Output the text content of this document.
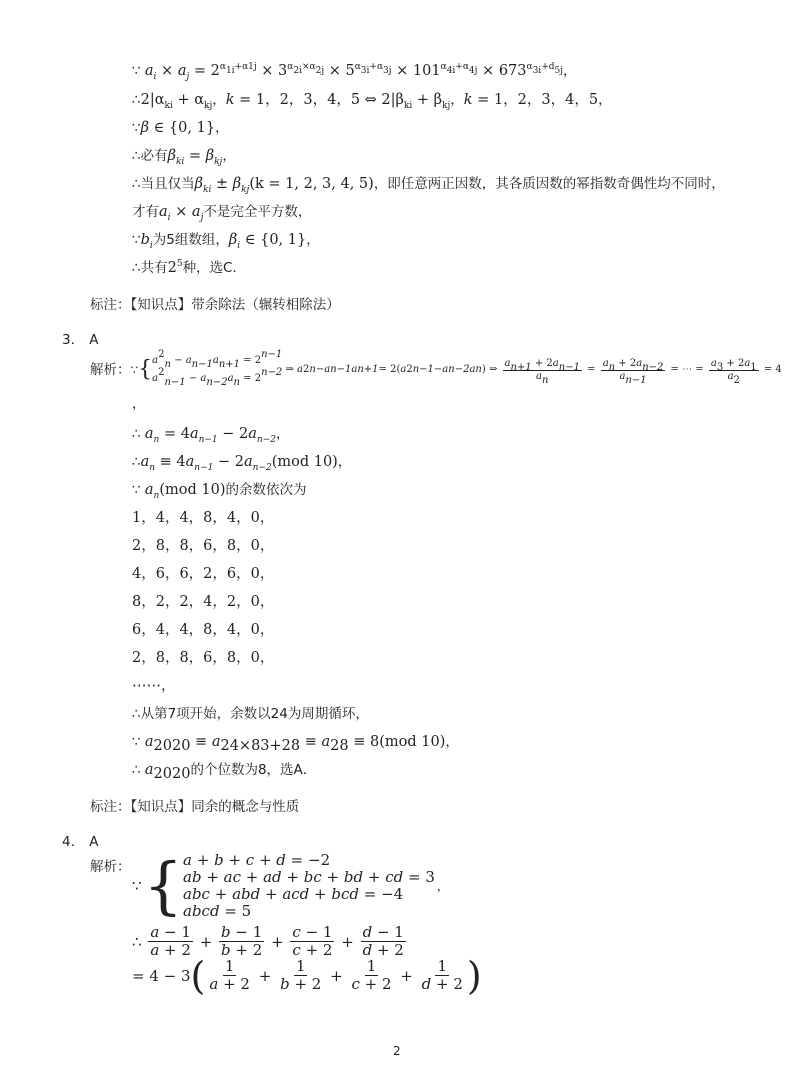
∵ $a_i \times a_j = 2^{\alpha_{1i}+\alpha 1j} \times 3^{\alpha_{2i}\times\alpha_{2j}} \times 5^{\alpha_{3i}+\alpha_{3j}} \times 101^{\alpha_{4i}+\alpha_{4j}} \times 673^{\alpha_{3i}+d_{5j}}$，
$\therefore 2|\alpha_{ki} + \alpha_{kj}$，k = 1，2，3，4，5 ⇔ $2|\beta_{ki} + \beta_{kj}$，k = 1，2，3，4，5，
∵β ∈ {0, 1}，
∴必有$\beta_{ki} = \beta_{kj}$，
∴当且仅当$\beta_{ki} \pm \beta_{kj}(k = 1$, 2, 3, 4, 5)，即任意两正因数，其各质因数的幂指数奇偶性均不同时，
才有$a_i \times a_j$不是完全平方数，
$\because b_i$为5组数组，$\beta_i$ ∈ {0, 1}，
∴共有$2^5$种，选C．
标注：【知识点】带余除法（辗转相除法）
3. A
解析： ∵ { $a^2_n - a_{n-1}a_{n+1} = 2^{n-1}$
$a^2_{n-1} - a_{n-2}a_n = 2^{n-2}$ ⇒ a 2 n − a n−1 a n+1 = 2( a 2 n−1 − a n−2 a n ) ⇒ $\frac{a_{n+1} + 2a_{n-1}}{a_n} = \frac{a_n + 2a_{n-2}}{a_{n-1}}$ = ⋯ = $\frac{a_3 + 2a_1}{a_2} = 4$
，
∴ $a_n = 4a_{n-1} - 2a_{n-2}$，
$\therefore a_n \equiv 4a_{n-1} - 2a_{n-2}(mod$ 10)，
∵ $a_n(mod$ 10)的余数依次为
1，4，4，8，4，0，
2，8，8，6，8，0，
4，6，6，2，6，0，
8，2，2，4，2，0，
6，4，4，8，4，0，
2，8，8，6，8，0，
⋯⋯，
∴从第7项开始，余数以24为周期循环，
∵ $a_{2020} \equiv a_{24\times 83+28} \equiv a_{28} \equiv 8(mod$ 10)，
∴ $a_{2020}$的个位数为8，选A．
标注：【知识点】同余的概念与性质
4. A
解析：
∵ { a + b + c + d = −2
ab + ac + ad + bc + bd + cd = 3
abc + abd + acd + bcd = −4
abcd = 5
，
∴ $\frac{a - 1}{a + 2} + \frac{b - 1}{b + 2} + \frac{c - 1}{c + 2} + \frac{d - 1}{d + 2}$
= 4 − 3 ( $\frac{1}{a + 2} + \frac{1}{b + 2} + \frac{1}{c + 2} + \frac{1}{d + 2}$ )
2
